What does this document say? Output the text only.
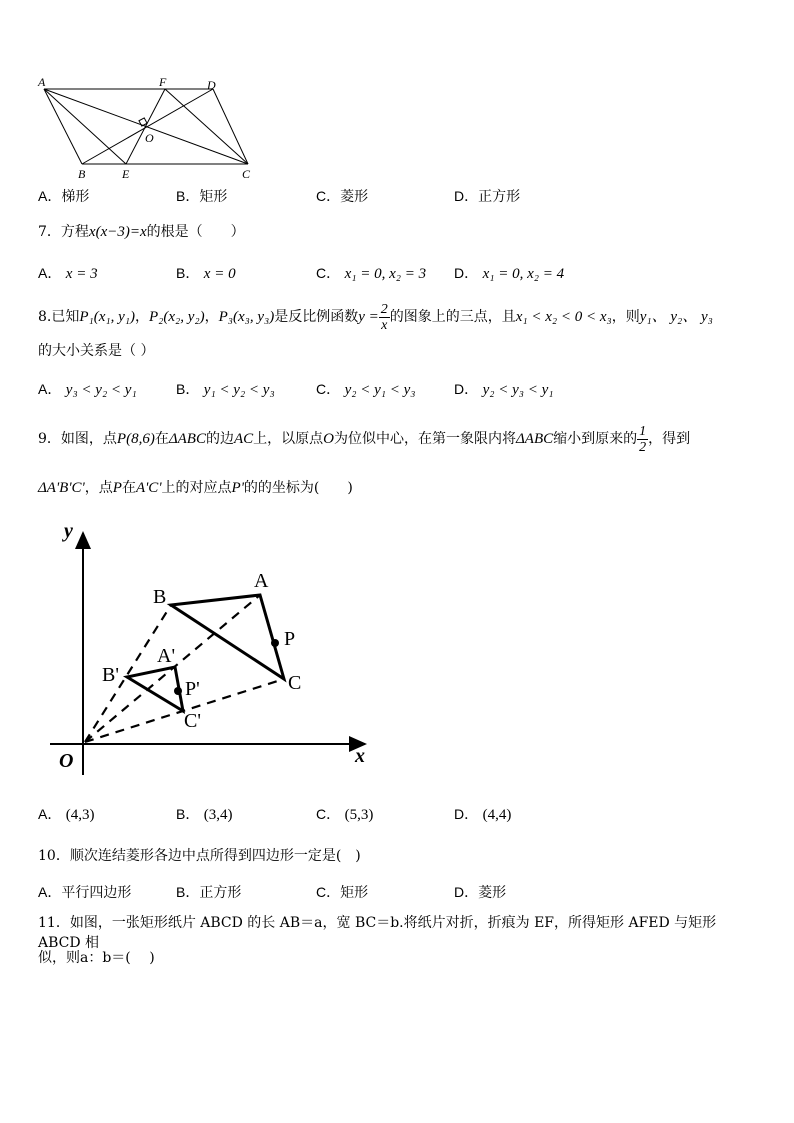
A	F	D
O
B	E	C
A．梯形	B．矩形	C．菱形	D．正方形
7．方程x(x−3)=x的根是（　　）
A． x = 3	B． x = 0	C． x₁ = 0, x₂ = 3 D． x₁ = 0, x₂ = 4
8.已知P₁(x₁, y₁)，P₂(x₂, y₂)，P₃(x₃, y₃)是反比例函数$y = \frac{2}{x}$ 的图象上的三点，且x₁ < x₂ < 0 < x₃，则y₁、 y₂、 y₃
的大小关系是（ ）
A． y₃ < y₂ < y₁	B． y₁ < y₂ < y₃	C． y₂ < y₁ < y₃	D． y₂ < y₃ < y₁
9．如图，点P(8,6)在ΔABC的边AC上，以原点O为位似中心，在第一象限内将ΔABC缩小到原来的 $\frac{1}{2}$ ，得到
ΔA'B'C'，点P在A'C'上的对应点P'的的坐标为(　　)
y
x
O
A
B
P
C
A'
B'
P'
C'
A． (4,3)	B． (3,4)	C． (5,3)	D． (4,4)
10．顺次连结菱形各边中点所得到四边形一定是(　)
A．平行四边形	B．正方形	C．矩形	D．菱形
11．如图，一张矩形纸片 ABCD 的长 AB＝a，宽 BC＝b.将纸片对折，折痕为 EF，所得矩形 AFED 与矩形 ABCD 相
似，则a：b＝(　 )
